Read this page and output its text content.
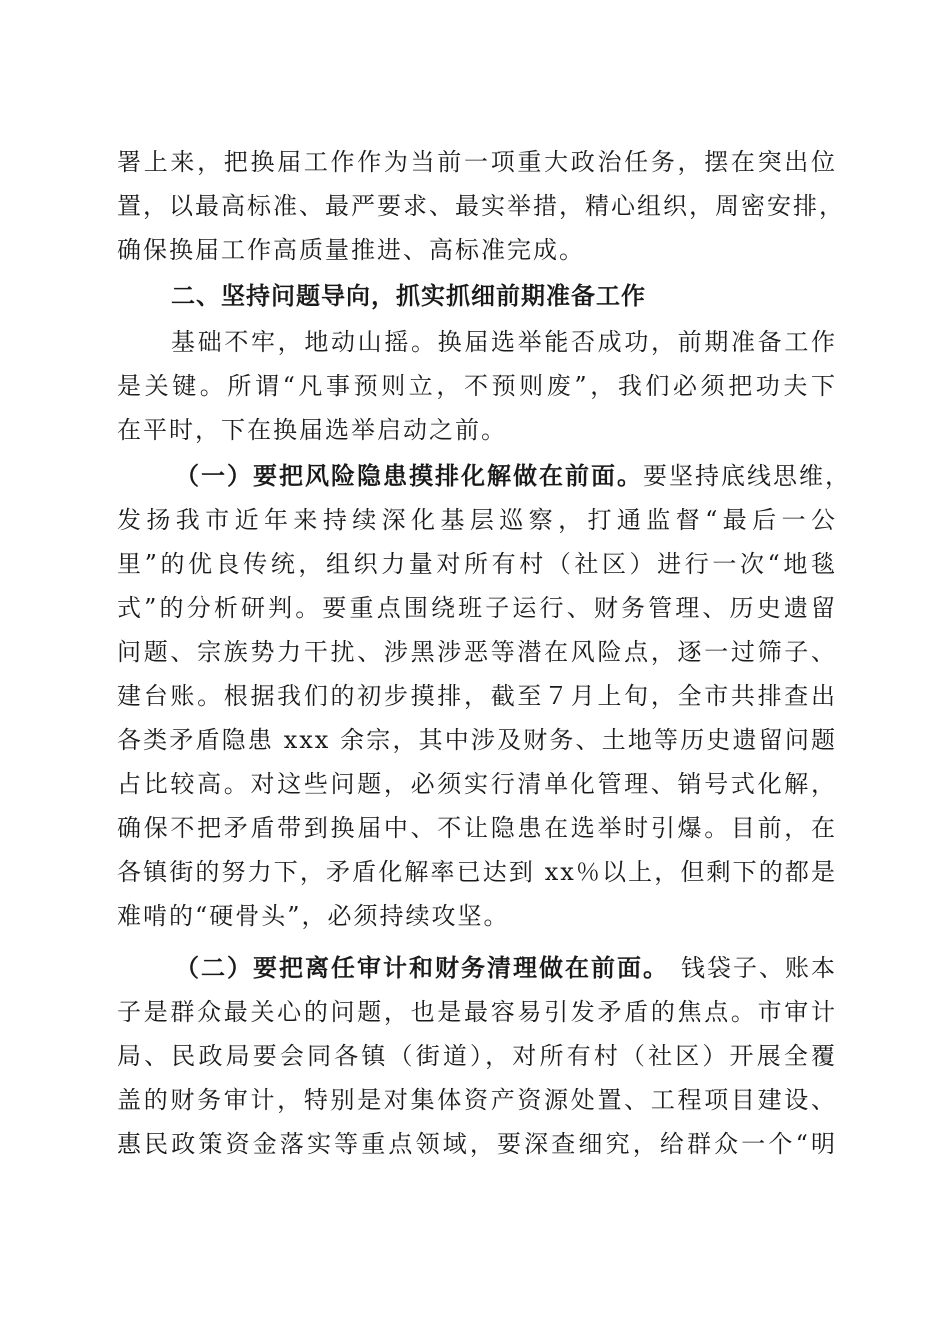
署上来，把换届工作作为当前一项重大政治任务，摆在突出位
置，以最高标准、最严要求、最实举措，精心组织，周密安排，
确保换届工作高质量推进、高标准完成。
二、坚持问题导向，抓实抓细前期准备工作
基础不牢，地动山摇。换届选举能否成功，前期准备工作
是关键。所谓“凡事预则立，不预则废”，我们必须把功夫下
在平时，下在换届选举启动之前。
（一）要把风险隐患摸排化解做在前面。 要坚持底线思维，
发扬我市近年来持续深化基层巡察，打通监督“最后一公
里”的优良传统，组织力量对所有村（社区）进行一次“地毯
式”的分析研判。要重点围绕班子运行、财务管理、历史遗留
问题、宗族势力干扰、涉黑涉恶等潜在风险点，逐一过筛子、
建台账。根据我们的初步摸排，截至７月上旬，全市共排查出
各类矛盾隐患 xxx 余宗，其中涉及财务、土地等历史遗留问题
占比较高。对这些问题，必须实行清单化管理、销号式化解，
确保不把矛盾带到换届中、不让隐患在选举时引爆。目前，在
各镇街的努力下，矛盾化解率已达到 xx％以上，但剩下的都是
难啃的“硬骨头”，必须持续攻坚。
（二）要把离任审计和财务清理做在前面。 钱袋子、账本
子是群众最关心的问题，也是最容易引发矛盾的焦点。市审计
局、民政局要会同各镇（街道），对所有村（社区）开展全覆
盖的财务审计，特别是对集体资产资源处置、工程项目建设、
惠民政策资金落实等重点领域，要深查细究，给群众一个“明
